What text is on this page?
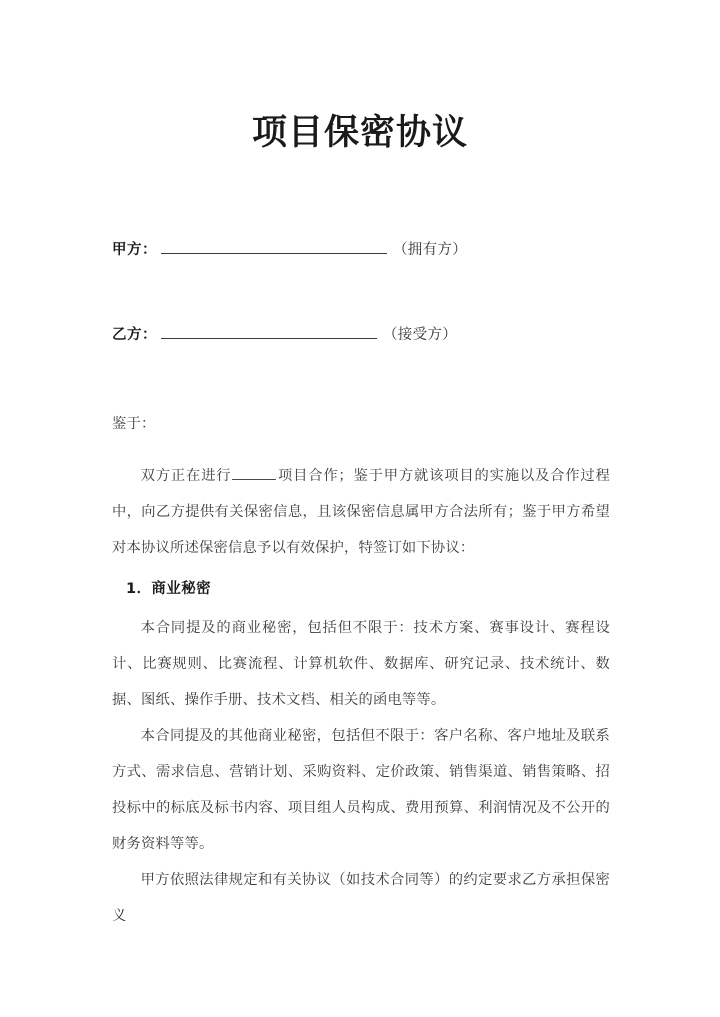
项目保密协议
甲方：	（拥有方）
乙方：	（接受方）
鉴于：
双方正在进行	项目合作；鉴于甲方就该项目的实施以及合作过程中，向乙方提供有关保密信息，且该保密信息属甲方合法所有；鉴于甲方希望对本协议所述保密信息予以有效保护，特签订如下协议：
1．商业秘密
本合同提及的商业秘密，包括但不限于：技术方案、赛事设计、赛程设计、比赛规则、比赛流程、计算机软件、数据库、研究记录、技术统计、数据、图纸、操作手册、技术文档、相关的函电等等。
本合同提及的其他商业秘密，包括但不限于：客户名称、客户地址及联系方式、需求信息、营销计划、采购资料、定价政策、销售渠道、销售策略、招投标中的标底及标书内容、项目组人员构成、费用预算、利润情况及不公开的财务资料等等。
甲方依照法律规定和有关协议（如技术合同等）的约定要求乙方承担保密义
